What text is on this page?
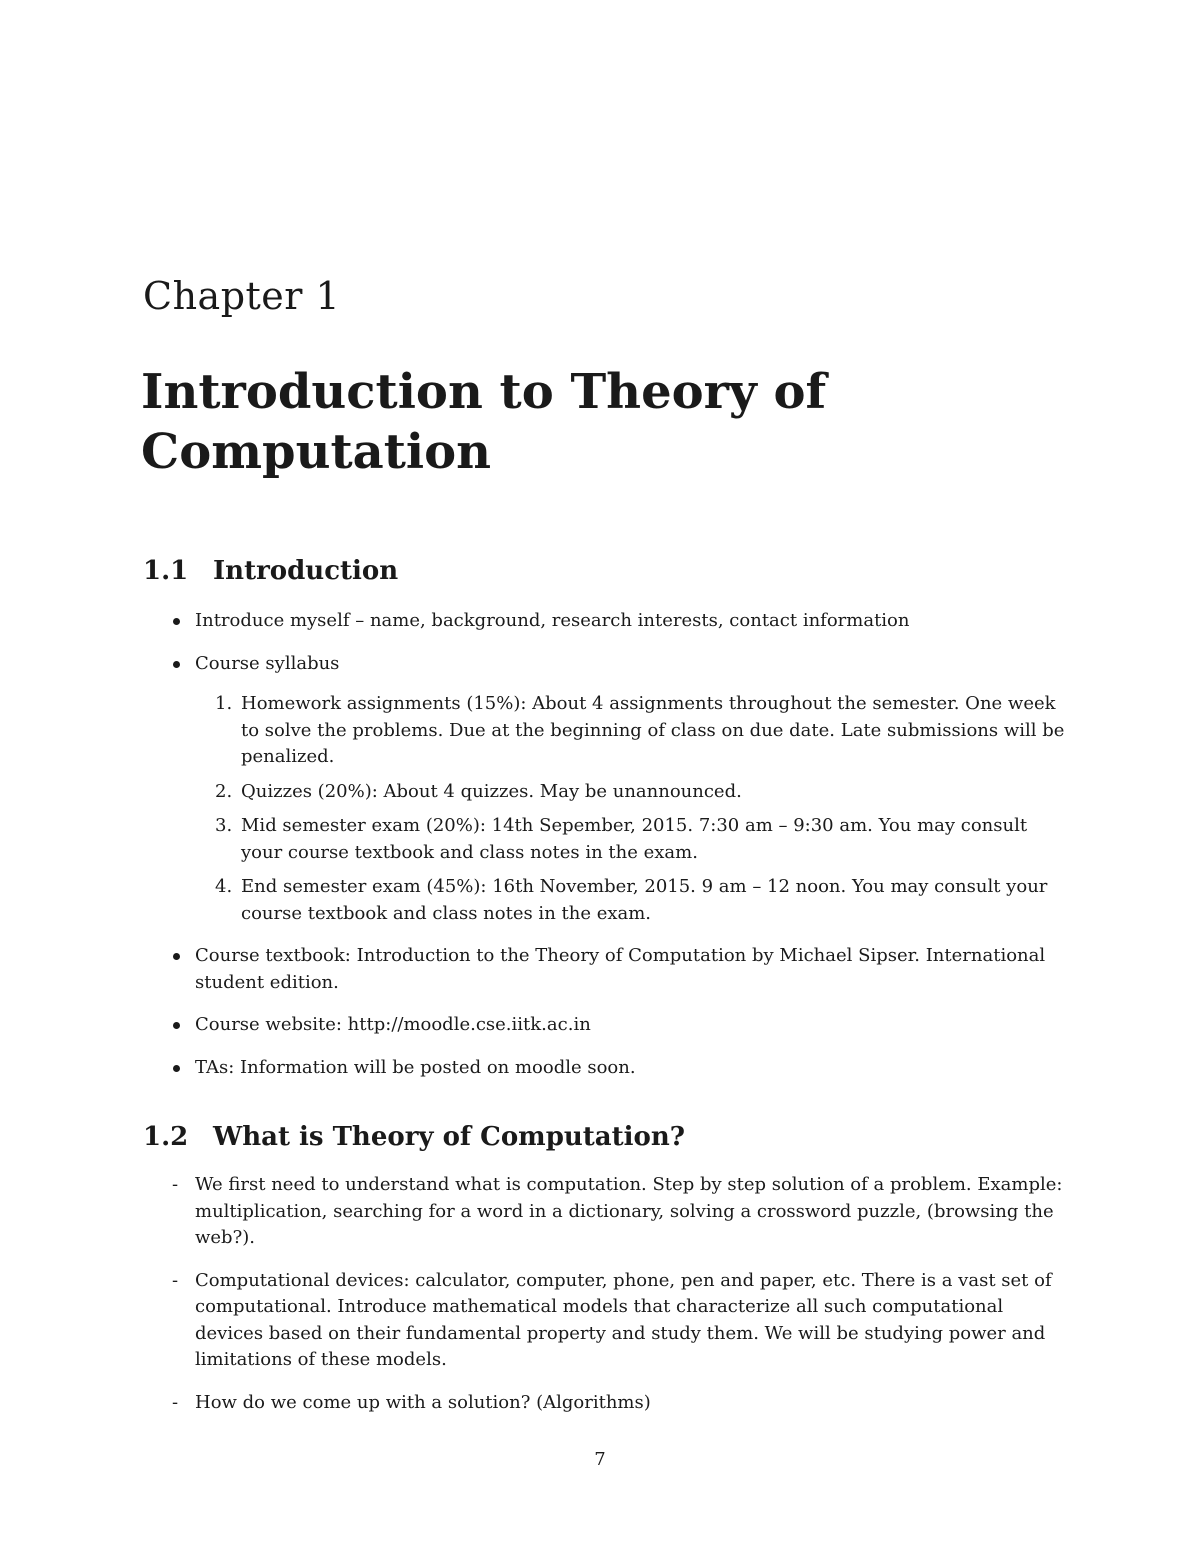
Chapter 1
Introduction to Theory of Computation
1.1 Introduction
Introduce myself – name, background, research interests, contact information
Course syllabus
1. Homework assignments (15%): About 4 assignments throughout the semester. One week to solve the problems. Due at the beginning of class on due date. Late submissions will be penalized.
2. Quizzes (20%): About 4 quizzes. May be unannounced.
3. Mid semester exam (20%): 14th Sepember, 2015. 7:30 am – 9:30 am. You may consult your course textbook and class notes in the exam.
4. End semester exam (45%): 16th November, 2015. 9 am – 12 noon. You may consult your course textbook and class notes in the exam.
Course textbook: Introduction to the Theory of Computation by Michael Sipser. International student edition.
Course website: http://moodle.cse.iitk.ac.in
TAs: Information will be posted on moodle soon.
1.2 What is Theory of Computation?
- We first need to understand what is computation. Step by step solution of a problem. Example: multiplication, searching for a word in a dictionary, solving a crossword puzzle, (browsing the web?).
- Computational devices: calculator, computer, phone, pen and paper, etc. There is a vast set of computational. Introduce mathematical models that characterize all such computational devices based on their fundamental property and study them. We will be studying power and limitations of these models.
- How do we come up with a solution? (Algorithms)
7
